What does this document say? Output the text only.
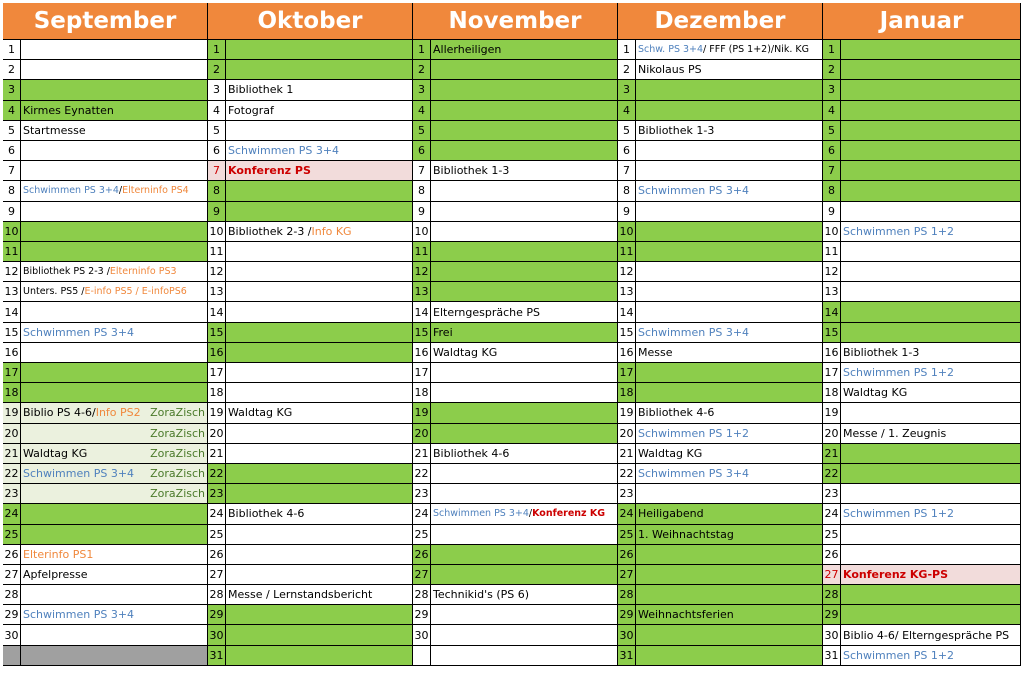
September
1
2
3
4 Kirmes Eynatten
5 Startmesse
6
7
8 Schwimmen PS 3+4 / Elterninfo PS4
9
10
11
12 Bibliothek PS 2-3 / Elterninfo PS3
13 Unters. PS5 / E-info PS5 / E-infoPS6
14
15 Schwimmen PS 3+4
16
17
18
19 Biblio PS 4-6/ Info PS2 ZoraZisch
20	ZoraZisch
21 Waldtag KG	ZoraZisch
22 Schwimmen PS 3+4 ZoraZisch
23	ZoraZisch
24
25
26 Elterinfo PS1
27 Apfelpresse
28
29 Schwimmen PS 3+4
30
Oktober
1
2
3 Bibliothek 1
4 Fotograf
5
6 Schwimmen PS 3+4
7 Konferenz PS
8
9
10 Bibliothek 2-3 / Info KG
11
12
13
14
15
16
17
18
19 Waldtag KG
20
21
22
23
24 Bibliothek 4-6
25
26
27
28 Messe / Lernstandsbericht
29
30
31
November
1 Allerheiligen
2
3
4
5
6
7 Bibliothek 1-3
8
9
10
11
12
13
14 Elterngespräche PS
15 Frei
16 Waldtag KG
17
18
19
20
21 Bibliothek 4-6
22
23
24 Schwimmen PS 3+4 / Konferenz KG
25
26
27
28 Technikid's (PS 6)
29
30
Dezember
1 Schw. PS 3+4 / FFF (PS 1+2)/Nik. KG
2 Nikolaus PS
3
4
5 Bibliothek 1-3
6
7
8 Schwimmen PS 3+4
9
10
11
12
13
14
15 Schwimmen PS 3+4
16 Messe
17
18
19 Bibliothek 4-6
20 Schwimmen PS 1+2
21 Waldtag KG
22 Schwimmen PS 3+4
23
24 Heiligabend
25 1. Weihnachtstag
26
27
28
29 Weihnachtsferien
30
31
Januar
1
2
3
4
5
6
7
8
9
10 Schwimmen PS 1+2
11
12
13
14
15
16 Bibliothek 1-3
17 Schwimmen PS 1+2
18 Waldtag KG
19
20 Messe / 1. Zeugnis
21
22
23
24 Schwimmen PS 1+2
25
26
27 Konferenz KG-PS
28
29
30 Biblio 4-6/ Elterngespräche PS
31 Schwimmen PS 1+2
